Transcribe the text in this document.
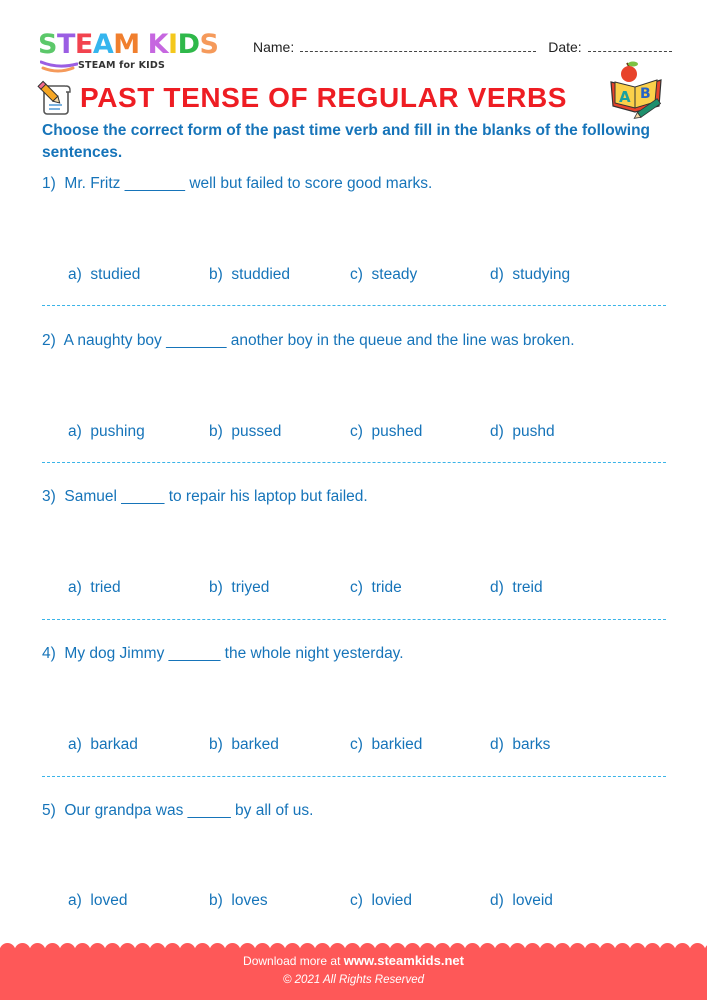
STEAM KIDS
STEAM for KIDS
Name:	Date:
PAST TENSE OF REGULAR VERBS	A B
Choose the correct form of the past time verb and fill in the blanks of the following sentences.
1) Mr. Fritz _______ well but failed to score good marks.
a) studied	b) studdied	c) steady	d) studying
2) A naughty boy _______ another boy in the queue and the line was broken.
a) pushing	b) pussed	c) pushed	d) pushd
3) Samuel _____ to repair his laptop but failed.
a) tried	b) triyed	c) tride	d) treid
4) My dog Jimmy ______ the whole night yesterday.
a) barkad	b) barked	c) barkied	d) barks
5) Our grandpa was _____ by all of us.
a) loved	b) loves	c) lovied	d) loveid
Download more at www.steamkids.net
© 2021 All Rights Reserved
